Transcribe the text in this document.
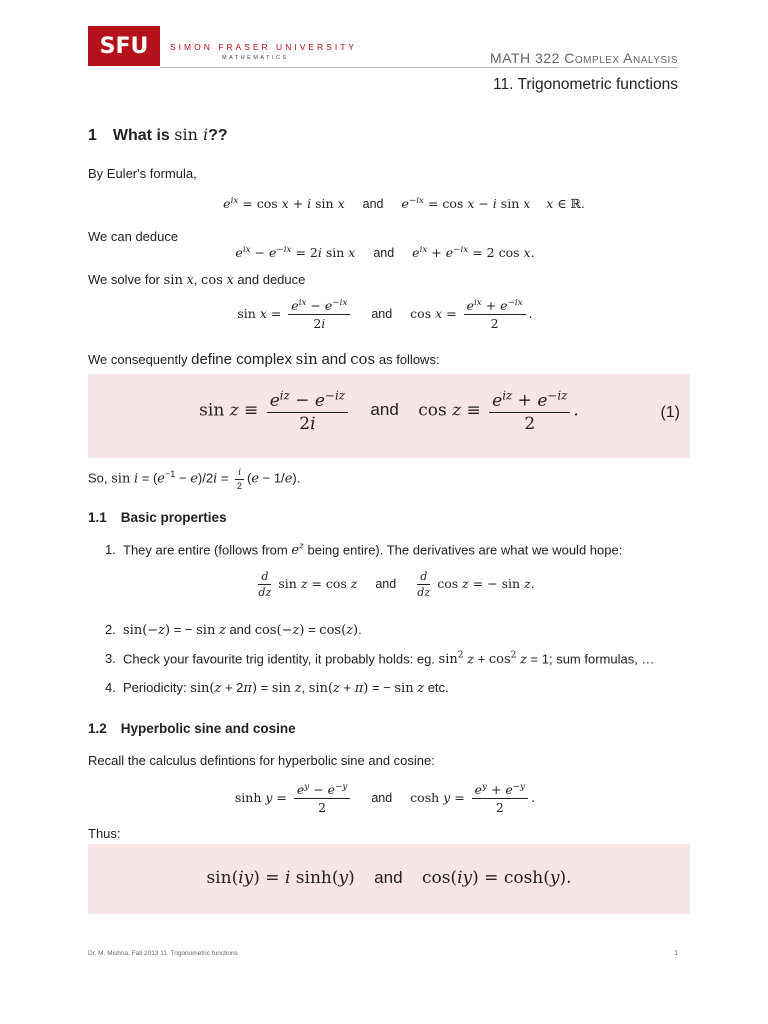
SFU	SIMON FRASER UNIVERSITY
MATHEMATICS	MATH 322 Complex Analysis
11. Trigonometric functions
1 What is sin i??
By Euler's formula,
$e^{ix} = \cos x + i$ sin x and $e^{-ix} = \cos x - i$ sin x x ∈ ℝ.
We can deduce
$e^{ix} - e^{-ix} = 2i$ sin x and $e^{ix} + e^{-ix} = 2$ cos x.
We solve for sin x, cos x and deduce
$\sin x = \frac{e^{ix} - e^{-ix}}{2i}$ and $\cos x = \frac{e^{ix} + e^{-ix}}{2}$ .
We consequently define complex sin and cos as follows:
$\sin z \equiv \frac{e^{iz} - e^{-iz}}{2i}$ and $\cos z \equiv \frac{e^{iz} + e^{-iz}}{2}$ .	(1)
So, $\sin i = (e^{-1} - e)/2i = \frac{i}{2} (e - 1/e)$.
1.1 Basic properties
1. They are entire (follows from $e^z$ being entire). The derivatives are what we would hope:
$\frac{d}{dz}$ sin z = cos z and $\frac{d}{dz}$ cos z = − sin z.
2. sin(−z) = − sin z and cos(−z) = cos(z).
3. Check your favourite trig identity, it probably holds: eg. $\sin^2 z + \cos^2 z = 1$; sum formulas, …
4. Periodicity: sin(z + 2π) = sin z, sin(z + π) = − sin z etc.
1.2 Hyperbolic sine and cosine
Recall the calculus defintions for hyperbolic sine and cosine:
$\sinh y = \frac{e^y - e^{-y}}{2}$ and $\cosh y = \frac{e^y + e^{-y}}{2}$ .
Thus:
sin(iy) = i sinh(y) and cos(iy) = cosh(y).
Dr. M. Mishna, Fall 2013 11. Trigonometric functions	1
